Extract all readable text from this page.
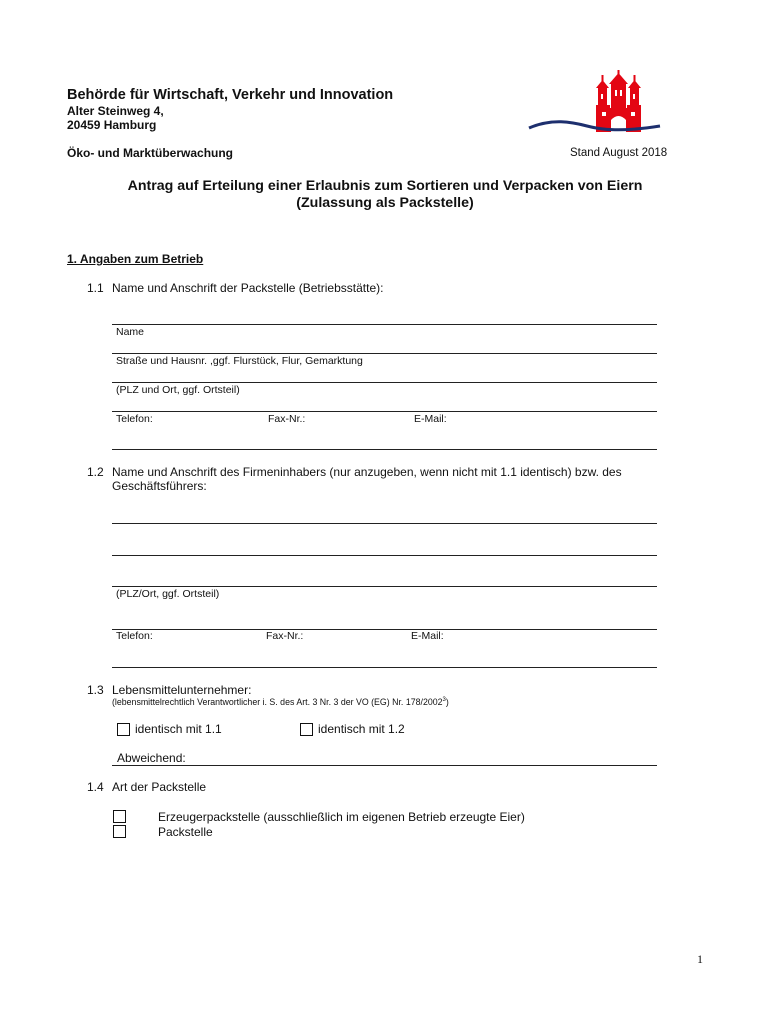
Behörde für Wirtschaft, Verkehr und Innovation
Alter Steinweg 4,
20459 Hamburg
Öko- und Marktüberwachung	Stand August 2018
Antrag auf Erteilung einer Erlaubnis zum Sortieren und Verpacken von Eiern
(Zulassung als Packstelle)
1. Angaben zum Betrieb
1.1 Name und Anschrift der Packstelle (Betriebsstätte):
Name
Straße und Hausnr. ,ggf. Flurstück, Flur, Gemarktung
(PLZ und Ort, ggf. Ortsteil)
Telefon:	Fax-Nr.:	E-Mail:
1.2 Name und Anschrift des Firmeninhabers (nur anzugeben, wenn nicht mit 1.1 identisch) bzw. des
Geschäftsführers:
(PLZ/Ort, ggf. Ortsteil)
Telefon:	Fax-Nr.:	E-Mail:
1.3 Lebensmittelunternehmer:
(lebensmittelrechtlich Verantwortlicher i. S. des Art. 3 Nr. 3 der VO (EG) Nr. 178/2002$^3$)
identisch mit 1.1	identisch mit 1.2
Abweichend:
1.4 Art der Packstelle
Erzeugerpackstelle (ausschließlich im eigenen Betrieb erzeugte Eier)
Packstelle
1
